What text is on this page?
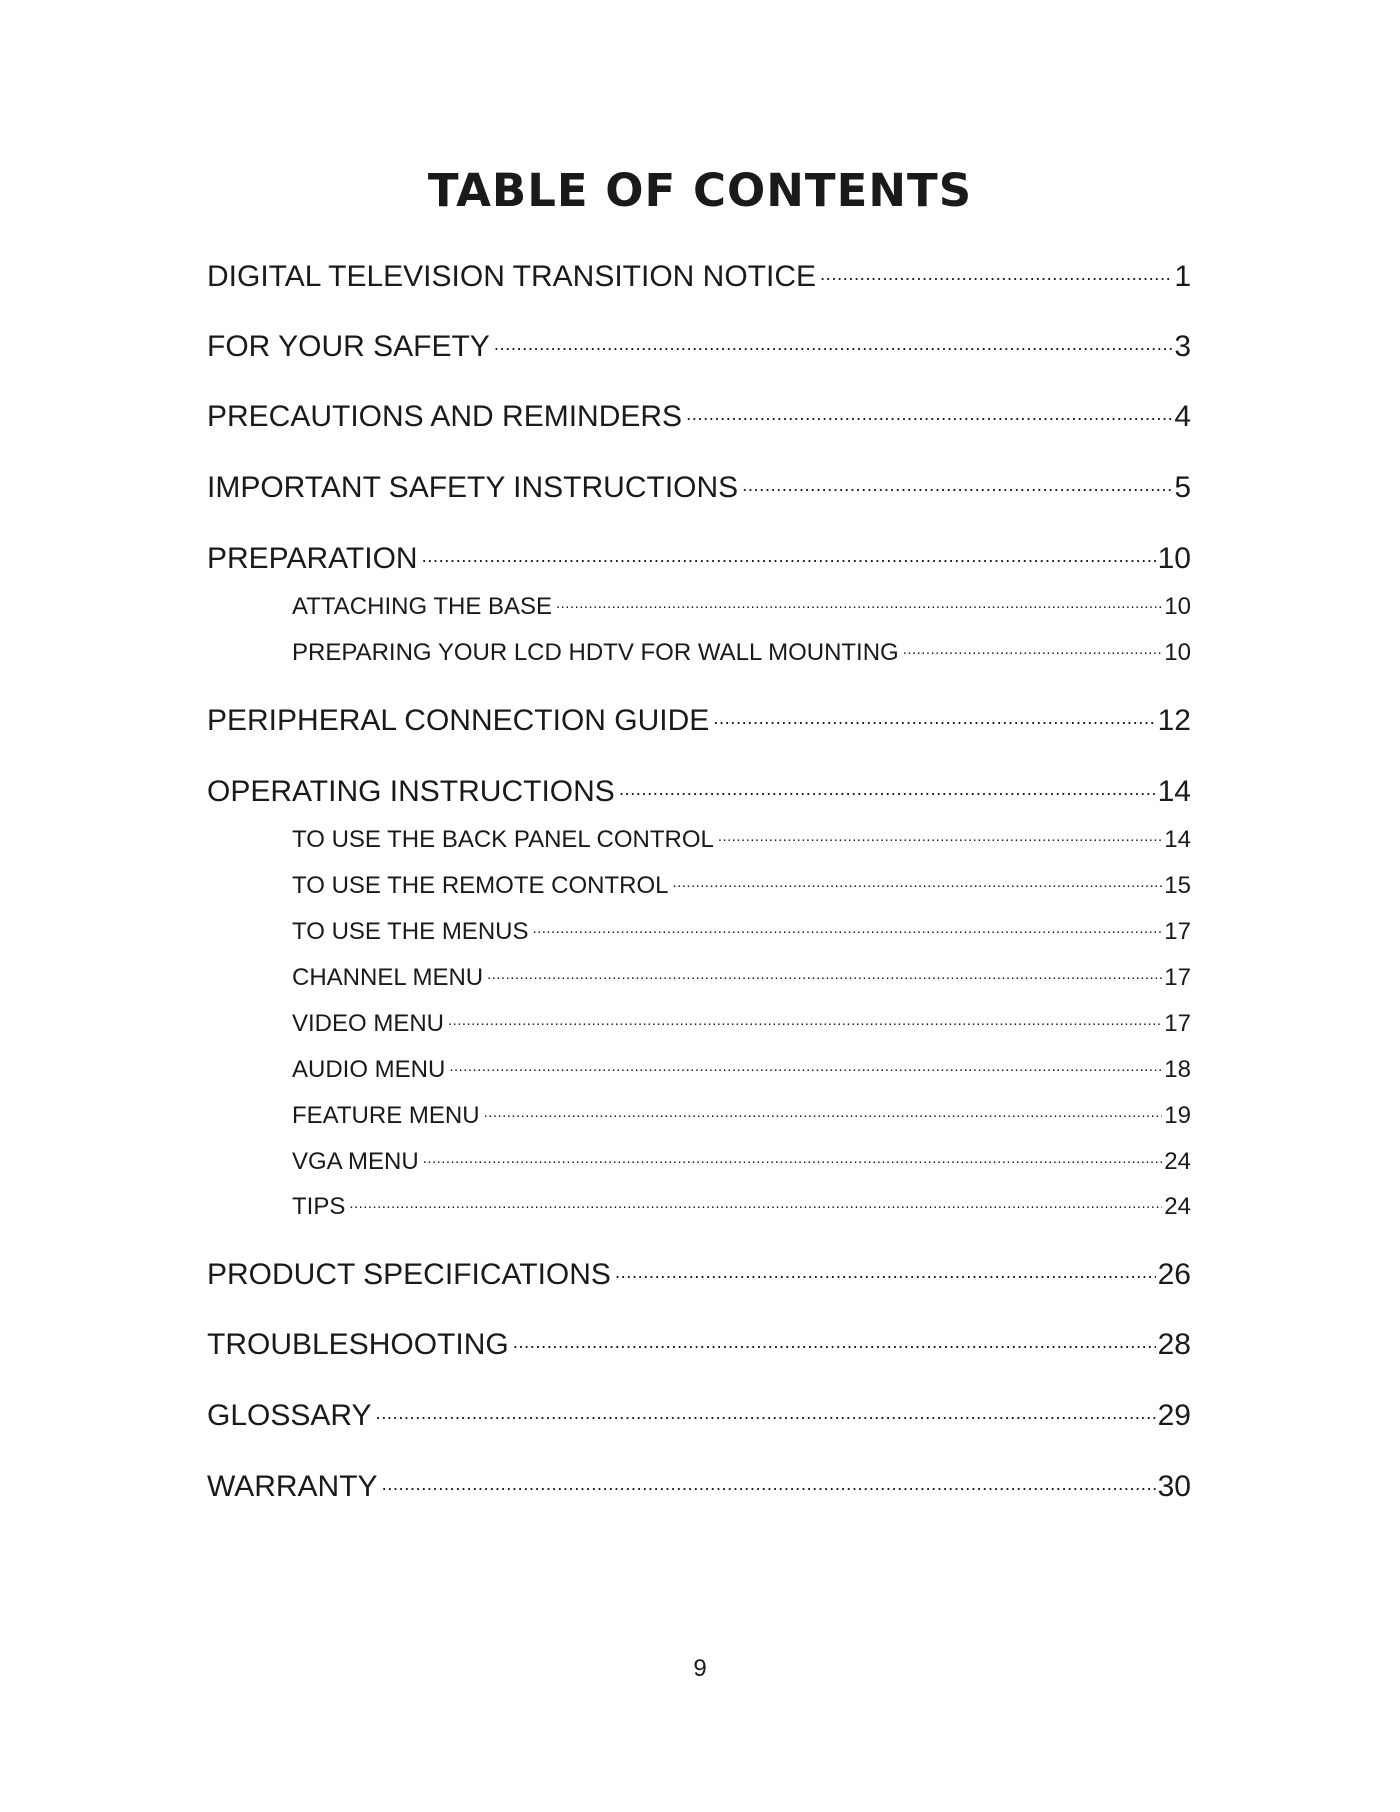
TABLE OF CONTENTS
DIGITAL TELEVISION TRANSITION NOTICE .....	1
FOR YOUR SAFETY .....	3
PRECAUTIONS AND REMINDERS .....	4
IMPORTANT SAFETY INSTRUCTIONS .....	5
PREPARATION .....	10
ATTACHING THE BASE .....	10
PREPARING YOUR LCD HDTV FOR WALL MOUNTING .....	10
PERIPHERAL CONNECTION GUIDE .....	12
OPERATING INSTRUCTIONS .....	14
TO USE THE BACK PANEL CONTROL .....	14
TO USE THE REMOTE CONTROL .....	15
TO USE THE MENUS .....	17
CHANNEL MENU .....	17
VIDEO MENU .....	17
AUDIO MENU .....	18
FEATURE MENU .....	19
VGA MENU .....	24
TIPS .....	24
PRODUCT SPECIFICATIONS .....	26
TROUBLESHOOTING .....	28
GLOSSARY .....	29
WARRANTY .....	30
9
